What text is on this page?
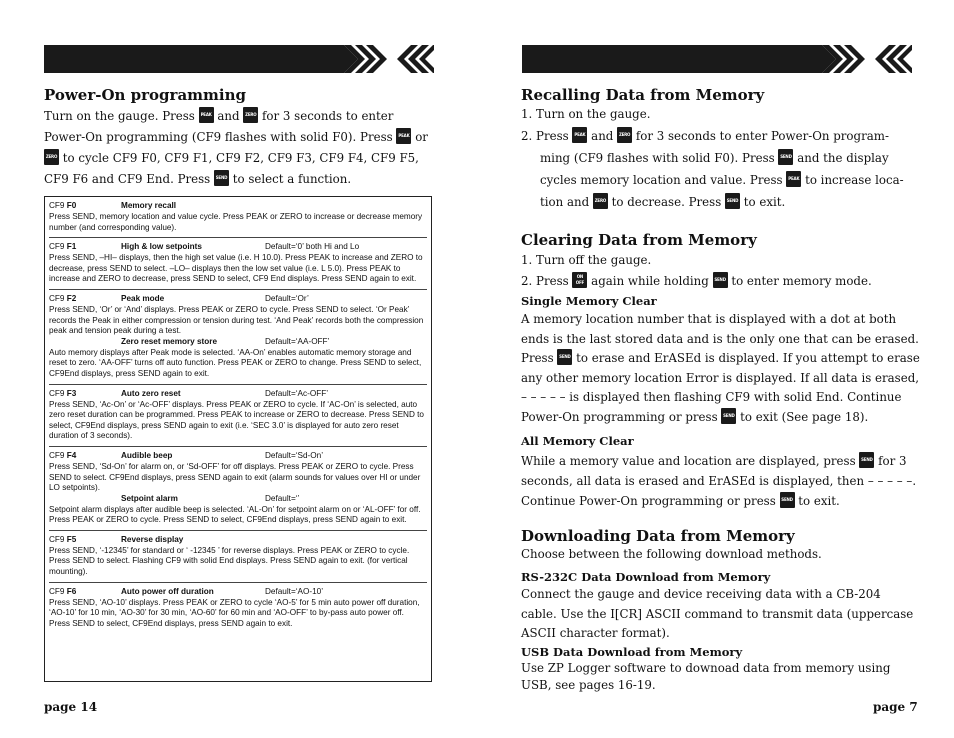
Power-On programming

Turn on the gauge. Press PEAK and ZERO for 3 seconds to enter

Power-On programming (CF9 flashes with solid F0). Press PEAK or

ZERO to cycle CF9 F0, CF9 F1, CF9 F2, CF9 F3, CF9 F4, CF9 F5,

CF9 F6 and CF9 End. Press SEND to select a function.

CF9 F0	Memory recall

Press SEND, memory location and value cycle. Press PEAK or ZERO to increase or decrease memory number (and corresponding value).

CF9 F1	High & low setpoints	Default=‘0’ both Hi and Lo

Press SEND, –HI– displays, then the high set value (i.e. H 10.0). Press PEAK to increase and ZERO to decrease, press SEND to select. –LO– displays then the low set value (i.e. L 5.0). Press PEAK to increase and ZERO to decrease, press SEND to select, CF9 End displays. Press SEND again to exit.

CF9 F2	Peak mode	Default=‘Or’

Press SEND, ‘Or’ or ‘And’ displays. Press PEAK or ZERO to cycle. Press SEND to select. ‘Or Peak’ records the Peak in either compression or tension during test. ‘And Peak’ records both the compression peak and tension peak during a test.

Zero reset memory store	Default=‘AA-OFF’

Auto memory displays after Peak mode is selected. ‘AA-On’ enables automatic memory storage and reset to zero. ‘AA-OFF’ turns off auto function. Press PEAK or ZERO to change. Press SEND to select, CF9End displays, press SEND again to exit.

CF9 F3	Auto zero reset	Default=‘Ac-OFF’

Press SEND, ‘Ac-On’ or ‘Ac-OFF’ displays. Press PEAK or ZERO to cycle. If ‘AC-On’ is selected, auto zero reset duration can be programmed. Press PEAK to increase or ZERO to decrease. Press SEND to select, CF9End displays, press SEND again to exit (i.e. ‘SEC 3.0’ is displayed for auto zero reset duration of 3 seconds).

CF9 F4	Audible beep	Default=‘Sd-On’

Press SEND, ‘Sd-On’ for alarm on, or ‘Sd-OFF’ for off displays. Press PEAK or ZERO to cycle. Press SEND to select. CF9End displays, press SEND again to exit (alarm sounds for values over HI or under LO setpoints).

Setpoint alarm	Default=‘’

Setpoint alarm displays after audible beep is selected. ‘AL-On’ for setpoint alarm on or ‘AL-OFF’ for off. Press PEAK or ZERO to cycle. Press SEND to select, CF9End displays, press SEND again to exit.

CF9 F5	Reverse display

Press SEND, ‘-12345’ for standard or ‘ ‐12345 ’ for reverse displays. Press PEAK or ZERO to cycle. Press SEND to select. Flashing CF9 with solid End displays. Press SEND again to exit. (for vertical mounting).

CF9 F6	Auto power off duration	Default=‘AO-10’

Press SEND, ‘AO-10’ displays. Press PEAK or ZERO to cycle ‘AO-5’ for 5 min auto power off duration, ‘AO-10’ for 10 min, ‘AO-30’ for 30 min, ‘AO-60’ for 60 min and ‘AO-OFF’ to by-pass auto power off. Press SEND to select, CF9End displays, press SEND again to exit.

page 14
Recalling Data from Memory

1. Turn on the gauge.

2. Press PEAK and ZERO for 3 seconds to enter Power-On program-

ming (CF9 flashes with solid F0). Press SEND and the display

cycles memory location and value. Press PEAK to increase loca-

tion and ZERO to decrease. Press SEND to exit.

Clearing Data from Memory

1. Turn off the gauge.

2. Press ON
OFF again while holding SEND to enter memory mode.

Single Memory Clear

A memory location number that is displayed with a dot at both

ends is the last stored data and is the only one that can be erased.

Press SEND to erase and ErASEd is displayed. If you attempt to erase

any other memory location Error is displayed. If all data is erased,

– – – – – is displayed then flashing CF9 with solid End. Continue

Power-On programming or press SEND to exit (See page 18).

All Memory Clear

While a memory value and location are displayed, press SEND for 3

seconds, all data is erased and ErASEd is displayed, then – – – – –.

Continue Power-On programming or press SEND to exit.

Downloading Data from Memory

Choose between the following download methods.

RS-232C Data Download from Memory

Connect the gauge and device receiving data with a CB-204

cable. Use the I[CR] ASCII command to transmit data (uppercase

ASCII character format).

USB Data Download from Memory

Use ZP Logger software to downoad data from memory using

USB, see pages 16-19.

page 7
